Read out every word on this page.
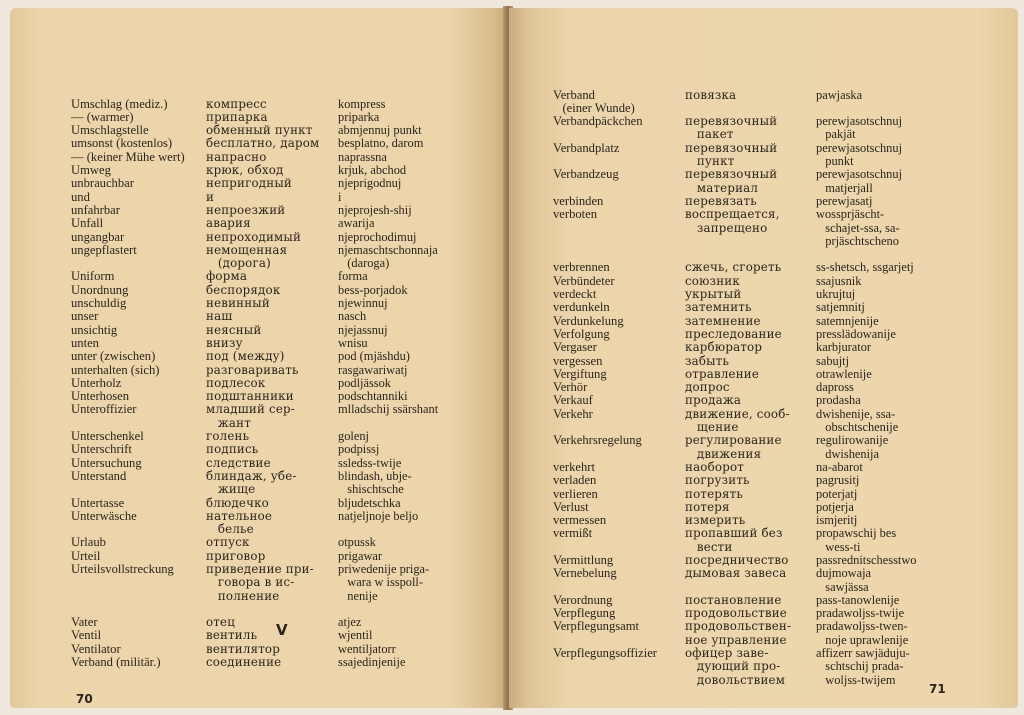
Umschlag (mediz.)
— (warmer)
Umschlagstelle
umsonst (kostenlos)
— (keiner Mühe wert)
Umweg
unbrauchbar
und
unfahrbar
Unfall
ungangbar
ungepflastert

Uniform
Unordnung
unschuldig
unser
unsichtig
unten
unter (zwischen)
unterhalten (sich)
Unterholz
Unterhosen
Unteroffizier

Unterschenkel
Unterschrift
Untersuchung
Unterstand

Untertasse
Unterwäsche

Urlaub
Urteil
Urteilsvollstreckung

Vater
Ventil
Ventilator
Verband (militär.)

компресс
припарка
обменный пункт
бесплатно, даром
напрасно
крюк, обход
непригодный
и
непроезжий
авария
непроходимый
немощенная
(дорога)
форма
беспорядок
невинный
наш
неясный
внизу
под (между)
разговаривать
подлесок
подштанники
младший сер-
жант
голень
подпись
следствие
блиндаж, убе-
жище
блюдечко
нательное
белье
отпуск
приговор
приведение при-
говора в ис-
полнение

отец
вентиль
вентилятор
соединение

kompress
priparka
abmjennuj punkt
besplatno, darom
naprassna
krjuk, abchod
njeprigodnuj
i
njeprojesh-shij
awarija
njeprochodimuj
njemaschtschonnaja
(daroga)
forma
bess-porjadok
njewinnuj
nasch
njejassnuj
wnisu
pod (mjäshdu)
rasgawariwatj
podljässok
podschtanniki
mlladschij ssärshant

golenj
podpissj
ssledss-twije
blindash, ubje-
shischtsche
bljudetschka
natjeljnoje beljo

otpussk
prigawar
priwedenije priga-
wara w isspoll-
nenije

atjez
wjentil
wentiljatorr
ssajedinjenije

V
70

Verband
(einer Wunde)
Verbandpäckchen

Verbandplatz

Verbandzeug

verbinden
verboten

verbrennen
Verbündeter
verdeckt
verdunkeln
Verdunkelung
Verfolgung
Vergaser
vergessen
Vergiftung
Verhör
Verkauf
Verkehr

Verkehrsregelung

verkehrt
verladen
verlieren
Verlust
vermessen
vermißt

Vermittlung
Vernebelung

Verordnung
Verpflegung
Verpflegungsamt

Verpflegungsoffizier

повязка

перевязочный
пакет
перевязочный
пункт
перевязочный
материал
перевязать
воспрещается,
запрещено

сжечь, сгореть
союзник
укрытый
затемнить
затемнение
преследование
карбюратор
забыть
отравление
допрос
продажа
движение, сооб-
щение
регулирование
движения
наоборот
погрузить
потерять
потеря
измерить
пропавший без
вести
посредничество
дымовая завеса

постановление
продовольствие
продовольствен-
ное управление
офицер заве-
дующий про-
довольствием

pawjaska

perewjasotschnuj
pakjät
perewjasotschnuj
punkt
perewjasotschnuj
matjerjall
perewjasatj
wossprjäscht-
schajet-ssa, sa-
prjäschtscheno

ss-shetsch, ssgarjetj
ssajusnik
ukrujtuj
satjemnitj
satemnjenije
presslädowanije
karbjurator
sabujtj
otrawlenije
dapross
prodasha
dwishenije, ssa-
obschtschenije
regulirowanije
dwishenija
na-abarot
pagrusitj
poterjatj
potjerja
ismjeritj
propawschij bes
wess-ti
passrednitschesstwo
dujmowaja
sawjässa
pass-tanowlenije
pradawoljss-twije
pradawoljss-twen-
noje uprawlenije
affizerr sawjäduju-
schtschij prada-
woljss-twijem

71
